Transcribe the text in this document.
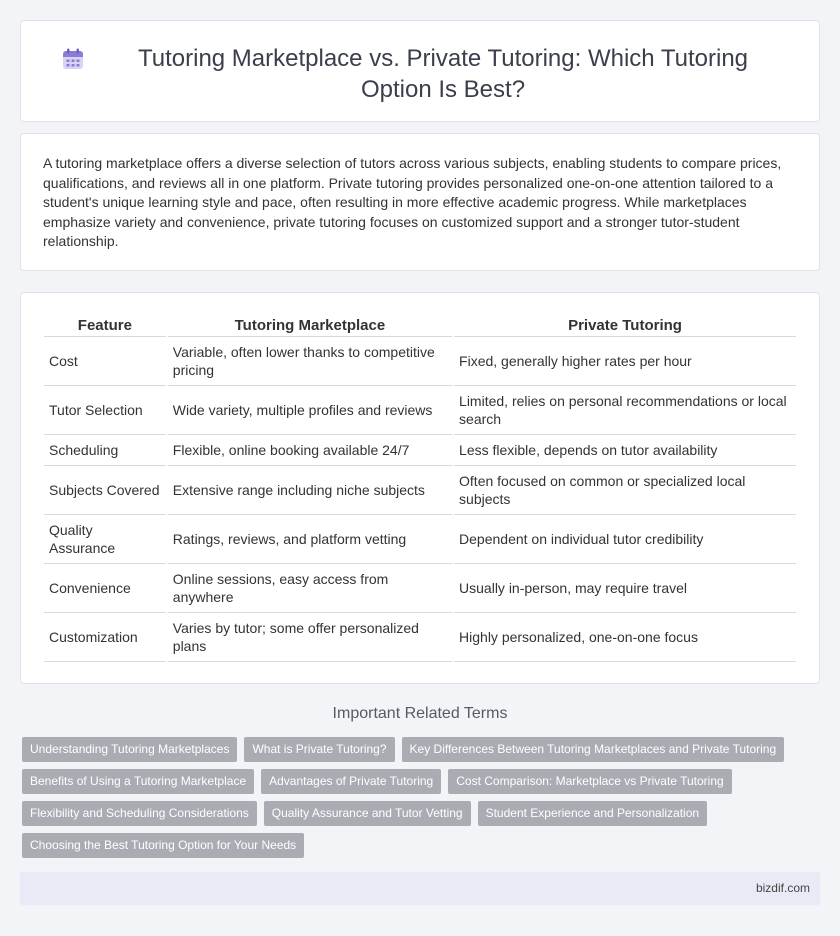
Tutoring Marketplace vs. Private Tutoring: Which Tutoring Option Is Best?

A tutoring marketplace offers a diverse selection of tutors across various subjects, enabling students to compare prices, qualifications, and reviews all in one platform. Private tutoring provides personalized one-on-one attention tailored to a student's unique learning style and pace, often resulting in more effective academic progress. While marketplaces emphasize variety and convenience, private tutoring focuses on customized support and a stronger tutor-student relationship.

Feature	Tutoring Marketplace	Private Tutoring
Cost	Variable, often lower thanks to competitive pricing	Fixed, generally higher rates per hour
Tutor Selection	Wide variety, multiple profiles and reviews	Limited, relies on personal recommendations or local search
Scheduling	Flexible, online booking available 24/7	Less flexible, depends on tutor availability
Subjects Covered	Extensive range including niche subjects	Often focused on common or specialized local subjects
Quality Assurance	Ratings, reviews, and platform vetting	Dependent on individual tutor credibility
Convenience	Online sessions, easy access from anywhere	Usually in-person, may require travel
Customization	Varies by tutor; some offer personalized plans	Highly personalized, one-on-one focus
Important Related Terms
Understanding Tutoring Marketplaces	What is Private Tutoring?	Key Differences Between Tutoring Marketplaces and Private Tutoring
Benefits of Using a Tutoring Marketplace	Advantages of Private Tutoring	Cost Comparison: Marketplace vs Private Tutoring
Flexibility and Scheduling Considerations	Quality Assurance and Tutor Vetting	Student Experience and Personalization
Choosing the Best Tutoring Option for Your Needs
bizdif.com
